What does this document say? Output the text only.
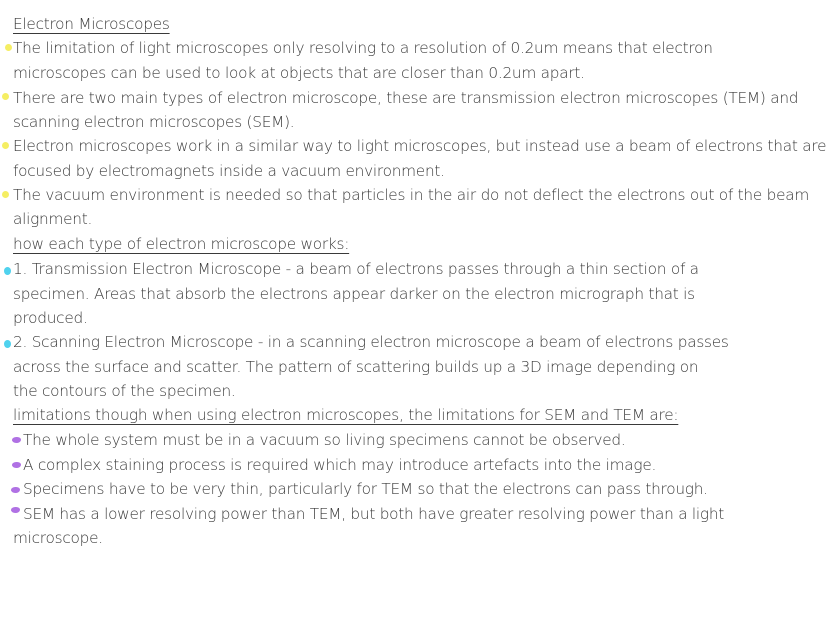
Electron Microscopes
The limitation of light microscopes only resolving to a resolution of 0.2um means that electron
microscopes can be used to look at objects that are closer than 0.2um apart.
There are two main types of electron microscope, these are transmission electron microscopes (TEM) and
scanning electron microscopes (SEM).
Electron microscopes work in a similar way to light microscopes, but instead use a beam of electrons that are
focused by electromagnets inside a vacuum environment.
The vacuum environment is needed so that particles in the air do not deflect the electrons out of the beam
alignment.
how each type of electron microscope works:
1. Transmission Electron Microscope - a beam of electrons passes through a thin section of a
specimen. Areas that absorb the electrons appear darker on the electron micrograph that is
produced.
2. Scanning Electron Microscope - in a scanning electron microscope a beam of electrons passes
across the surface and scatter. The pattern of scattering builds up a 3D image depending on
the contours of the specimen.
limitations though when using electron microscopes, the limitations for SEM and TEM are:
The whole system must be in a vacuum so living specimens cannot be observed.
A complex staining process is required which may introduce artefacts into the image.
Specimens have to be very thin, particularly for TEM so that the electrons can pass through.
SEM has a lower resolving power than TEM, but both have greater resolving power than a light
microscope.
